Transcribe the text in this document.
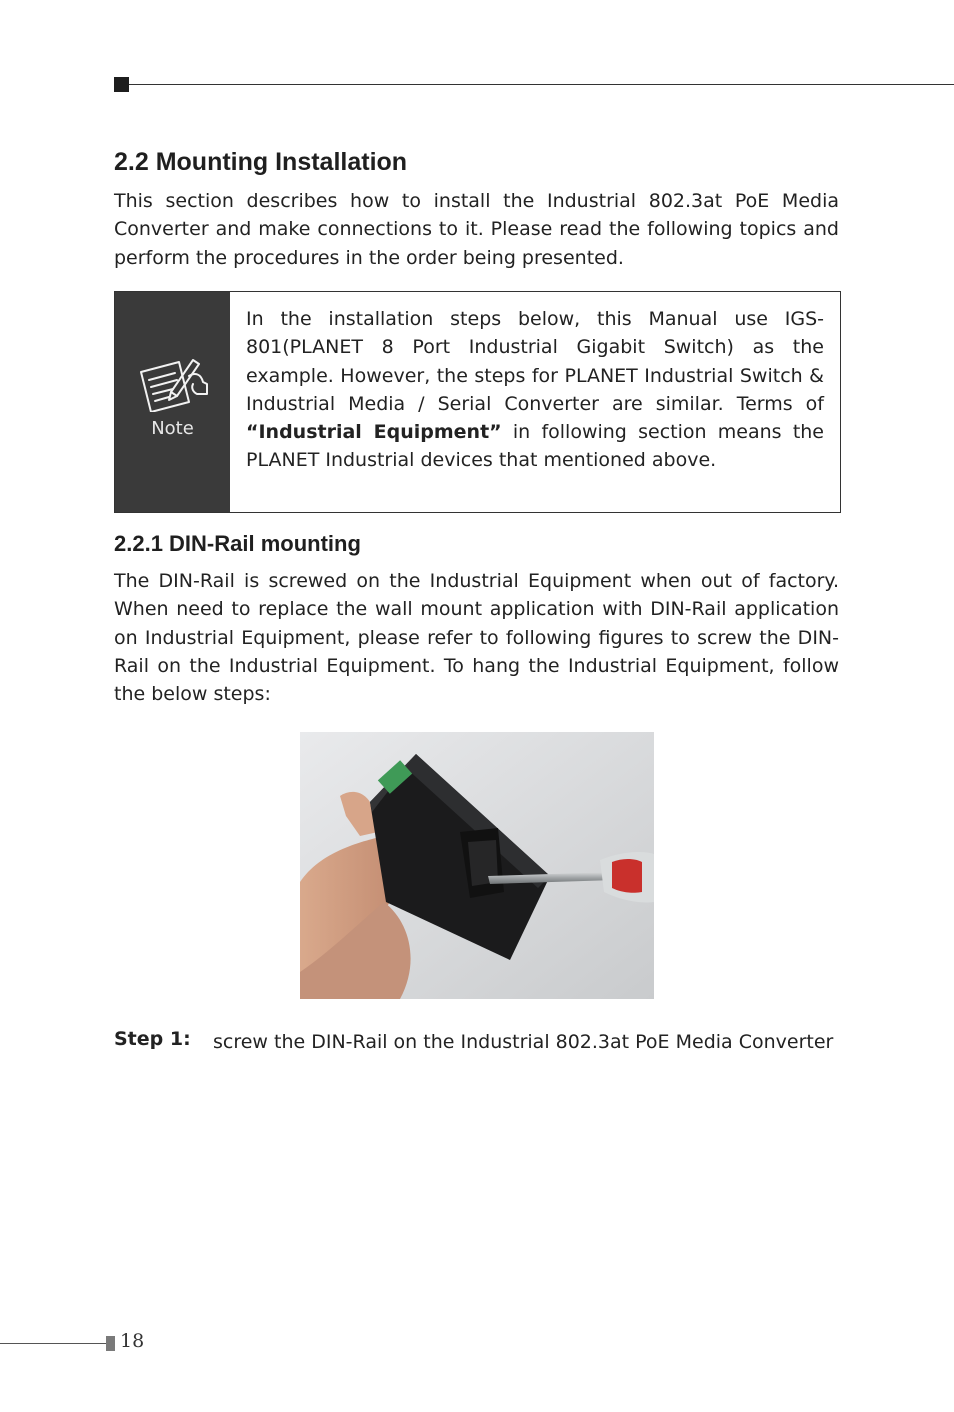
2.2 Mounting Installation

This section describes how to install the Industrial 802.3at PoE Media Converter and make connections to it. Please read the following topics and perform the procedures in the order being presented.

Note

In the installation steps below, this Manual use IGS-801(PLANET 8 Port Industrial Gigabit Switch) as the example. However, the steps for PLANET Industrial Switch & Industrial Media / Serial Converter are similar. Terms of “Industrial Equipment” in following section means the PLANET Industrial devices that mentioned above.

2.2.1 DIN-Rail mounting

The DIN-Rail is screwed on the Industrial Equipment when out of factory. When need to replace the wall mount application with DIN-Rail application on Industrial Equipment, please refer to following figures to screw the DIN-Rail on the Industrial Equipment. To hang the Industrial Equipment, follow the below steps:

Step 1: screw the DIN-Rail on the Industrial 802.3at PoE Media Converter

18
